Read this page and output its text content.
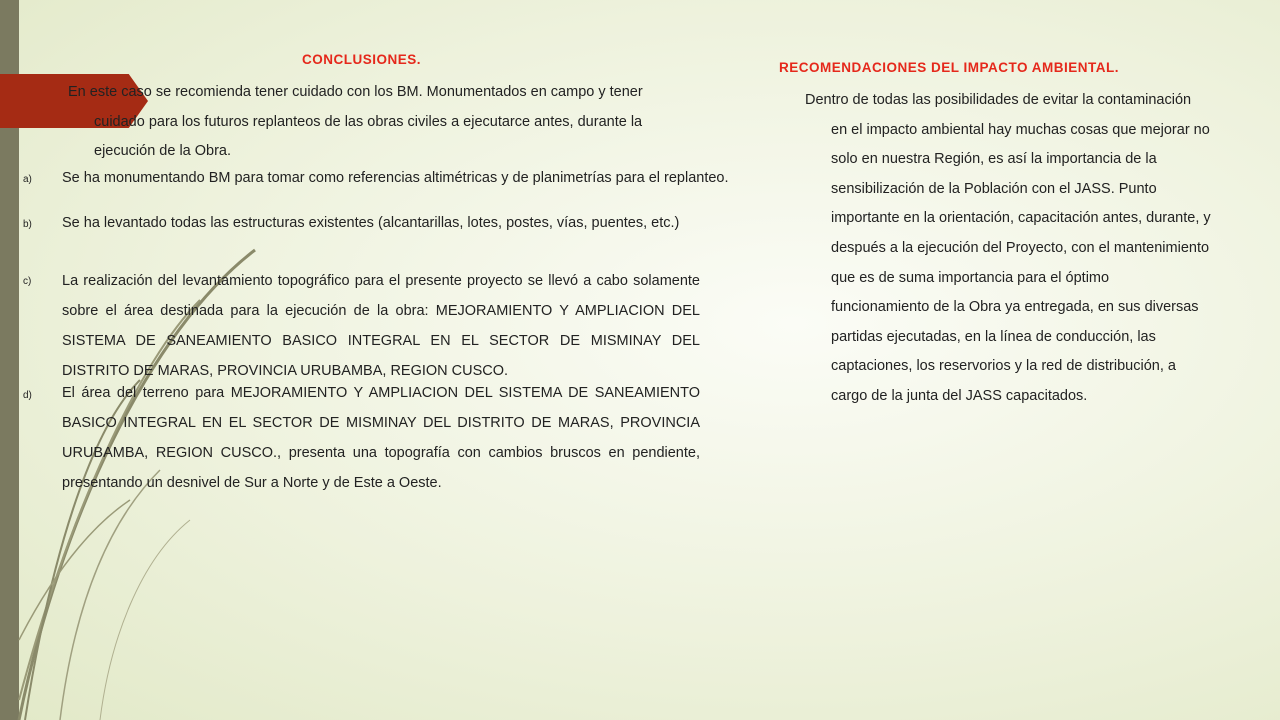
CONCLUSIONES.

En este caso se recomienda tener cuidado con los BM. Monumentados en campo y tener cuidado para los futuros replanteos de las obras civiles a ejecutarce antes, durante la ejecución de la Obra.

a) Se ha monumentando BM para tomar como referencias altimétricas y de planimetrías para el replanteo.

b) Se ha levantado todas las estructuras existentes (alcantarillas, lotes, postes, vías, puentes, etc.)

c) La realización del levantamiento topográfico para el presente proyecto se llevó a cabo solamente sobre el área destinada para la ejecución de la obra: MEJORAMIENTO Y AMPLIACION DEL SISTEMA DE SANEAMIENTO BASICO INTEGRAL EN EL SECTOR DE MISMINAY DEL DISTRITO DE MARAS, PROVINCIA URUBAMBA, REGION CUSCO.

d) El área del terreno para MEJORAMIENTO Y AMPLIACION DEL SISTEMA DE SANEAMIENTO BASICO INTEGRAL EN EL SECTOR DE MISMINAY DEL DISTRITO DE MARAS, PROVINCIA URUBAMBA, REGION CUSCO., presenta una topografía con cambios bruscos en pendiente, presentando un desnivel de Sur a Norte y de Este a Oeste.

RECOMENDACIONES DEL IMPACTO AMBIENTAL.

Dentro de todas las posibilidades de evitar la contaminación en el impacto ambiental hay muchas cosas que mejorar no solo en nuestra Región, es así la importancia de la sensibilización de la Población con el JASS. Punto importante en la orientación, capacitación antes, durante, y después a la ejecución del Proyecto, con el mantenimiento que es de suma importancia para el óptimo funcionamiento de la Obra ya entregada, en sus diversas partidas ejecutadas, en la línea de conducción, las captaciones, los reservorios y la red de distribución, a cargo de la junta del JASS capacitados.
